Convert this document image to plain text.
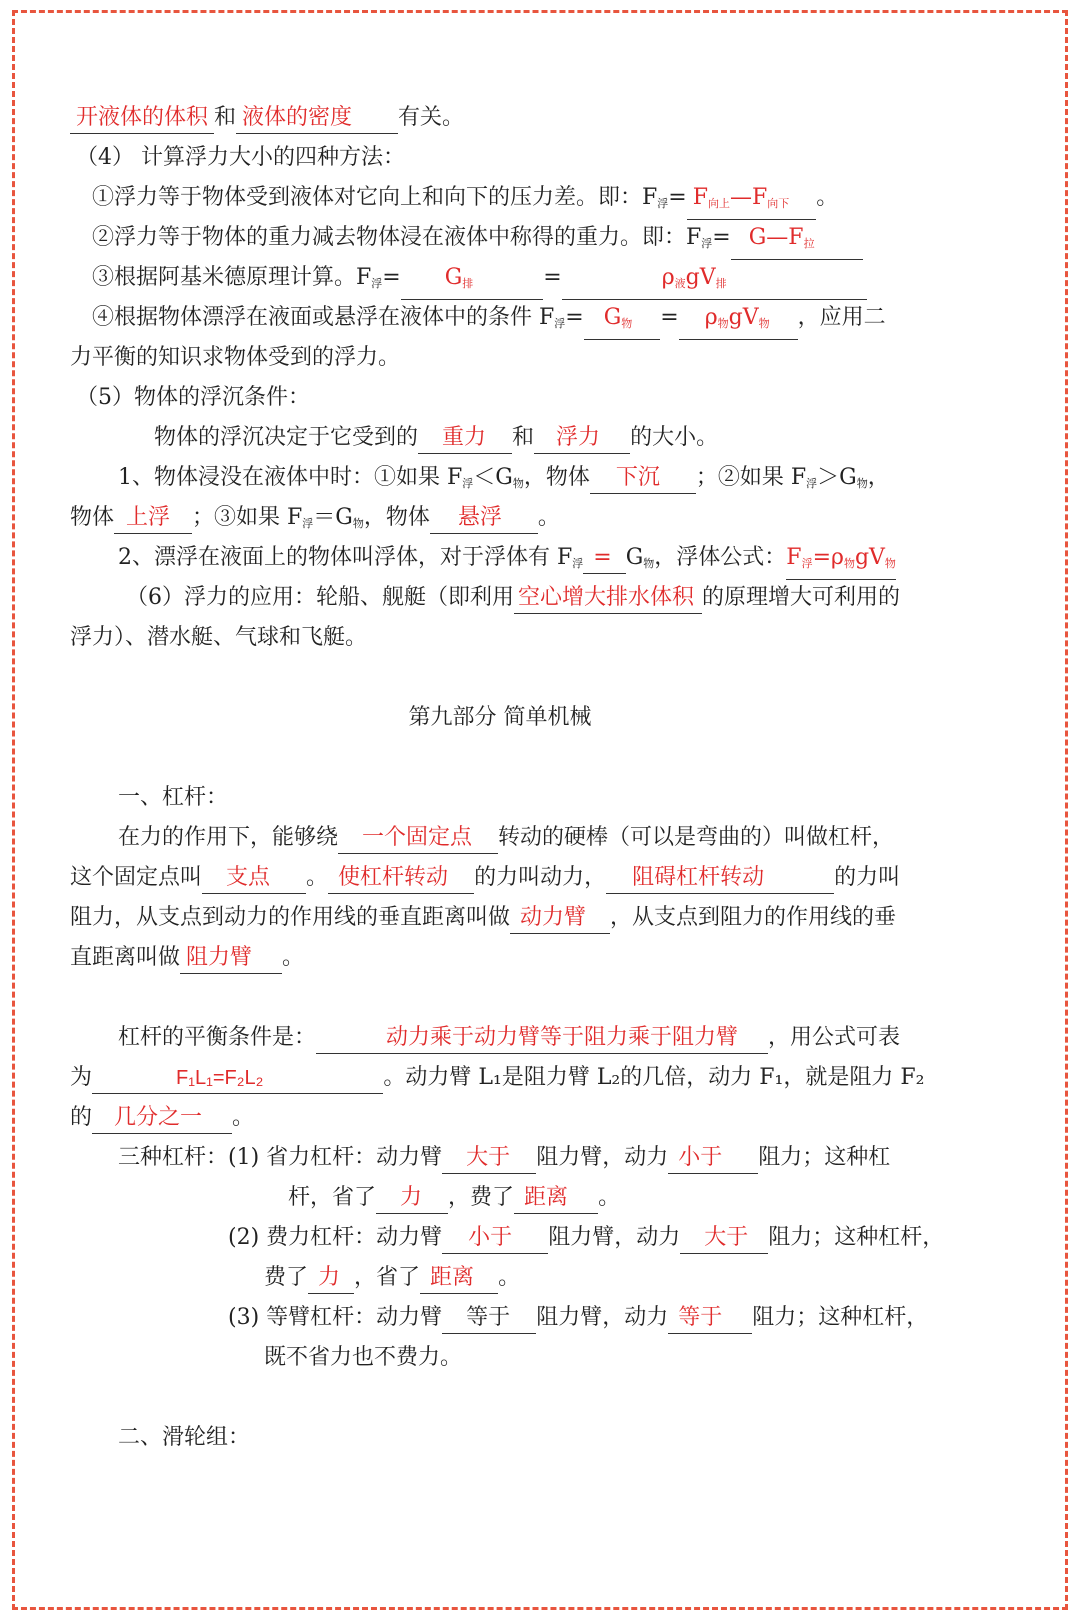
开液体的体积 和 液体的密度 有关。
（4） 计算浮力大小的四种方法：
①浮力等于物体受到液体对它向上和向下的压力差。即：$F_浮=$ $F_{向上}—F_{向下}$ 。
②浮力等于物体的重力减去物体浸在液体中称得的重力。即：$F_浮=$ $G—F_拉$
③根据阿基米德原理计算。$F_浮= G_排$	=	$\rho_液gV_排$
④根据物体漂浮在液面或悬浮在液体中的条件 $F_浮= G_物 = \rho_物gV_物$ ，应用二
力平衡的知识求物体受到的浮力。
（5）物体的浮沉条件：
物体的浮沉决定于它受到的 重力 和 浮力 的大小。
1、物体浸没在液体中时：①如果 $F_浮<G_物$，物体 下沉 ；②如果 $F_浮>G_物$，
物体 上浮 ；③如果 $F_浮=G_物$，物体 悬浮 。
2、漂浮在液面上的物体叫浮体，对于浮体有 $F_浮 = G_物$，浮体公式：$F_浮=\rho_物gV_物$
（6）浮力的应用：轮船、舰艇（即利用 空心增大排水体积 的原理增大可利用的
浮力）、潜水艇、气球和飞艇。
第九部分 简单机械
一、杠杆：
在力的作用下，能够绕 一个固定点 转动的硬棒（可以是弯曲的）叫做杠杆，
这个固定点叫 支点 。 使杠杆转动 的力叫动力， 阻碍杠杆转动	的力叫
阻力，从支点到动力的作用线的垂直距离叫做 动力臂 ，从支点到阻力的作用线的垂
直距离叫做 阻力臂 。
杠杆的平衡条件是：	动力乘于动力臂等于阻力乘于阻力臂 ，用公式可表
为	F₁L₁=F₂L₂	。动力臂 L₁是阻力臂 L₂的几倍，动力 F₁，就是阻力 F₂
的 几分之一 。
三种杠杆：(1) 省力杠杆：动力臂 大于 阻力臂，动力 小于 阻力；这种杠
杆，省了 力 ，费了 距离 。
(2) 费力杠杆：动力臂 小于 阻力臂，动力 大于 阻力；这种杠杆，
费了 力 ，省了 距离 。
(3) 等臂杠杆：动力臂 等于 阻力臂，动力 等于 阻力；这种杠杆，
既不省力也不费力。
二、滑轮组：
